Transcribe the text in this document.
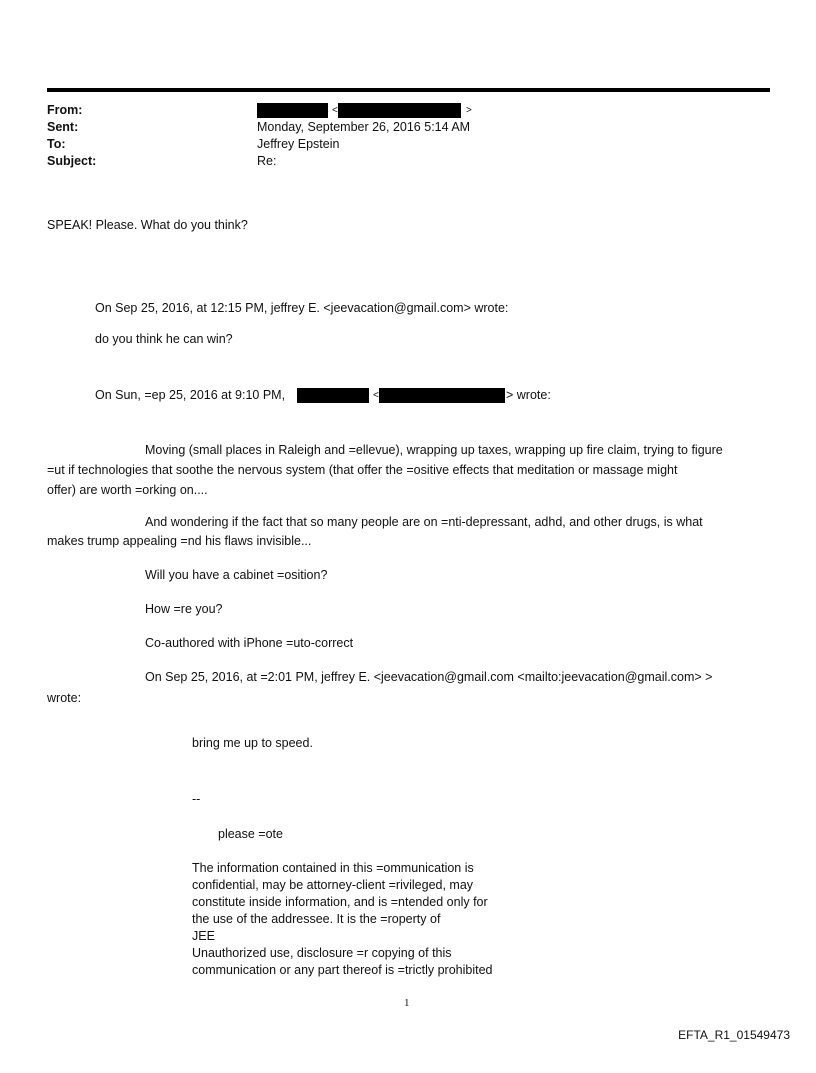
From:	<	>
Sent:	Monday, September 26, 2016 5:14 AM
To:	Jeffrey Epstein
Subject:	Re:
SPEAK! Please. What do you think?
On Sep 25, 2016, at 12:15 PM, jeffrey E. <jeevacation@gmail.com> wrote:
do you think he can win?
On Sun, =ep 25, 2016 at 9:10 PM,	<	> wrote:
Moving (small places in Raleigh and =ellevue), wrapping up taxes, wrapping up fire claim, trying to figure
=ut if technologies that soothe the nervous system (that offer the =ositive effects that meditation or massage might
offer) are worth =orking on....
And wondering if the fact that so many people are on =nti-depressant, adhd, and other drugs, is what
makes trump appealing =nd his flaws invisible...
Will you have a cabinet =osition?
How =re you?
Co-authored with iPhone =uto-correct
On Sep 25, 2016, at =2:01 PM, jeffrey E. <jeevacation@gmail.com <mailto:jeevacation@gmail.com> >
wrote:
bring me up to speed.
--
please =ote
The information contained in this =ommunication is
confidential, may be attorney-client =rivileged, may
constitute inside information, and is =ntended only for
the use of the addressee. It is the =roperty of
JEE
Unauthorized use, disclosure =r copying of this
communication or any part thereof is =trictly prohibited
1
EFTA_R1_01549473
